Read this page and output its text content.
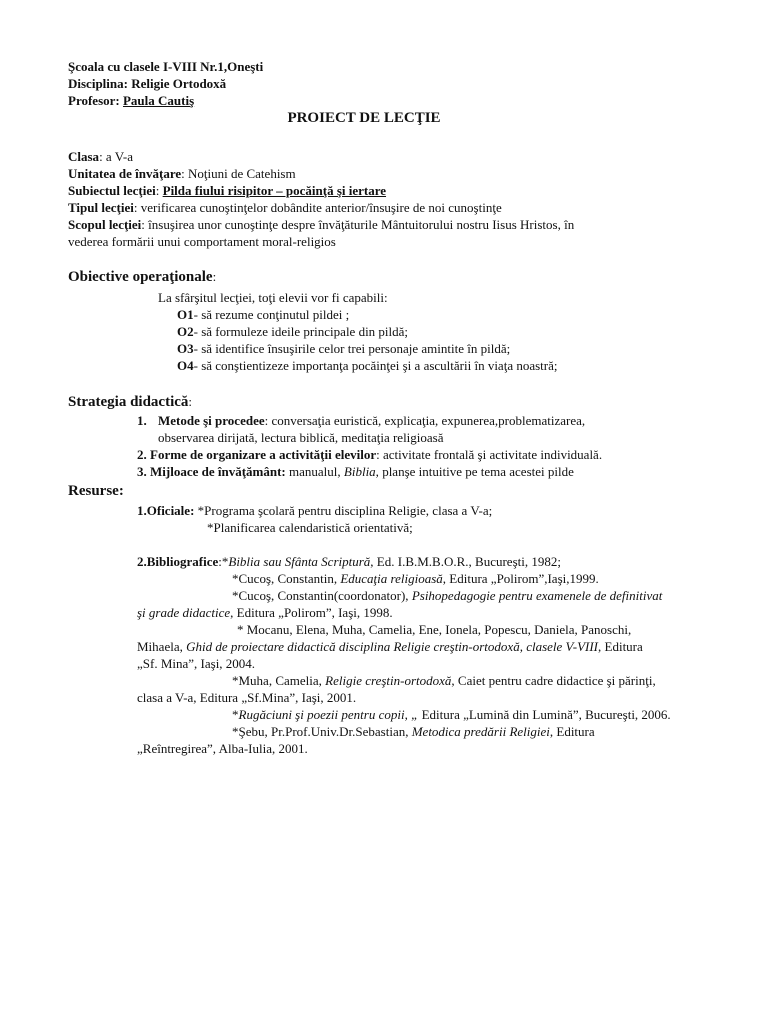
Şcoala cu clasele I-VIII Nr.1,Oneşti
Disciplina: Religie Ortodoxă
Profesor: Paula Cautiş
PROIECT DE LECŢIE
Clasa: a V-a
Unitatea de învăţare: Noţiuni de Catehism
Subiectul lecţiei: Pilda fiului risipitor – pocăinţă şi iertare
Tipul lecţiei: verificarea cunoştinţelor dobândite anterior/însuşire de noi cunoştinţe
Scopul lecţiei: însuşirea unor cunoştinţe despre învăţăturile Mântuitorului nostru Iisus Hristos, în
vederea formării unui comportament moral-religios
Obiective operaţionale:
La sfârşitul lecţiei, toţi elevii vor fi capabili:
O1- să rezume conţinutul pildei ;
O2- să formuleze ideile principale din pildă;
O3- să identifice însuşirile celor trei personaje amintite în pildă;
O4- să conştientizeze importanţa pocăinţei şi a ascultării în viaţa noastră;
Strategia didactică:
1. Metode şi procedee: conversaţia euristică, explicaţia, expunerea,problematizarea,
observarea dirijată, lectura biblică, meditaţia religioasă
2. Forme de organizare a activităţii elevilor: activitate frontală şi activitate individuală.
3. Mijloace de învăţământ: manualul, Biblia, planşe intuitive pe tema acestei pilde
Resurse:
1.Oficiale: *Programa şcolară pentru disciplina Religie, clasa a V-a;
*Planificarea calendaristică orientativă;
2.Bibliografice:*Biblia sau Sfânta Scriptură, Ed. I.B.M.B.O.R., Bucureşti, 1982;
*Cucoş, Constantin, Educaţia religioasă, Editura „Polirom”,Iaşi,1999.
*Cucoş, Constantin(coordonator), Psihopedagogie pentru examenele de definitivat
şi grade didactice, Editura „Polirom”, Iaşi, 1998.
* Mocanu, Elena, Muha, Camelia, Ene, Ionela, Popescu, Daniela, Panoschi,
Mihaela, Ghid de proiectare didactică disciplina Religie creştin-ortodoxă, clasele V-VIII, Editura
„Sf. Mina”, Iaşi, 2004.
*Muha, Camelia, Religie creştin-ortodoxă, Caiet pentru cadre didactice şi părinţi,
clasa a V-a, Editura „Sf.Mina”, Iaşi, 2001.
*Rugăciuni şi poezii pentru copii, „ Editura „Lumină din Lumină”, Bucureşti, 2006.
*Şebu, Pr.Prof.Univ.Dr.Sebastian, Metodica predării Religiei, Editura
„Reîntregirea”, Alba-Iulia, 2001.
